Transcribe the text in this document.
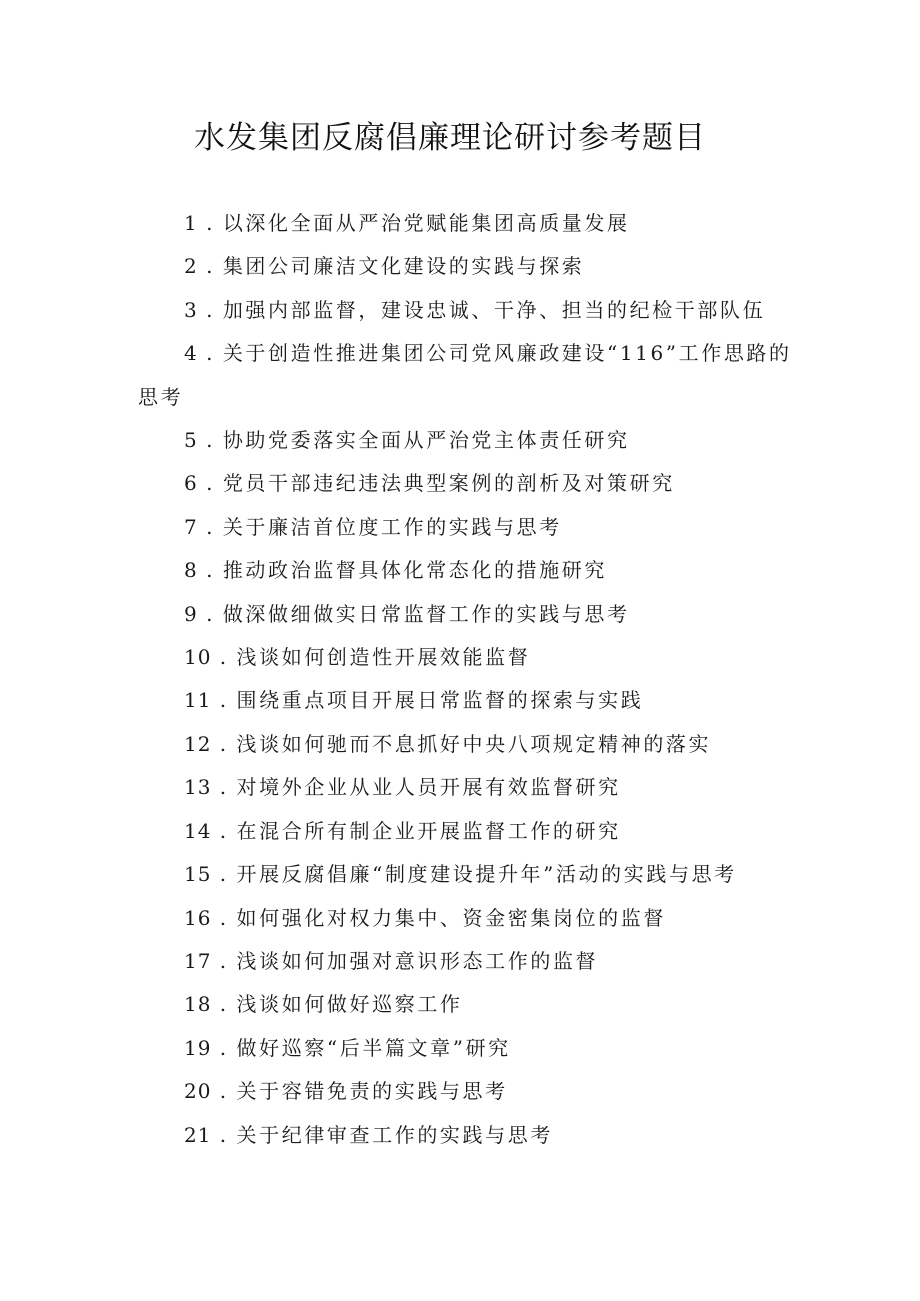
水发集团反腐倡廉理论研讨参考题目
1 . 以深化全面从严治党赋能集团高质量发展
2 . 集团公司廉洁文化建设的实践与探索
3 . 加强内部监督，建设忠诚、干净、担当的纪检干部队伍
4 . 关于创造性推进集团公司党风廉政建设“116”工作思路的思考
5 . 协助党委落实全面从严治党主体责任研究
6 . 党员干部违纪违法典型案例的剖析及对策研究
7 . 关于廉洁首位度工作的实践与思考
8 . 推动政治监督具体化常态化的措施研究
9 . 做深做细做实日常监督工作的实践与思考
10 . 浅谈如何创造性开展效能监督
11 . 围绕重点项目开展日常监督的探索与实践
12 . 浅谈如何驰而不息抓好中央八项规定精神的落实
13 . 对境外企业从业人员开展有效监督研究
14 . 在混合所有制企业开展监督工作的研究
15 . 开展反腐倡廉“制度建设提升年”活动的实践与思考
16 . 如何强化对权力集中、资金密集岗位的监督
17 . 浅谈如何加强对意识形态工作的监督
18 . 浅谈如何做好巡察工作
19 . 做好巡察“后半篇文章”研究
20 . 关于容错免责的实践与思考
21 . 关于纪律审查工作的实践与思考
